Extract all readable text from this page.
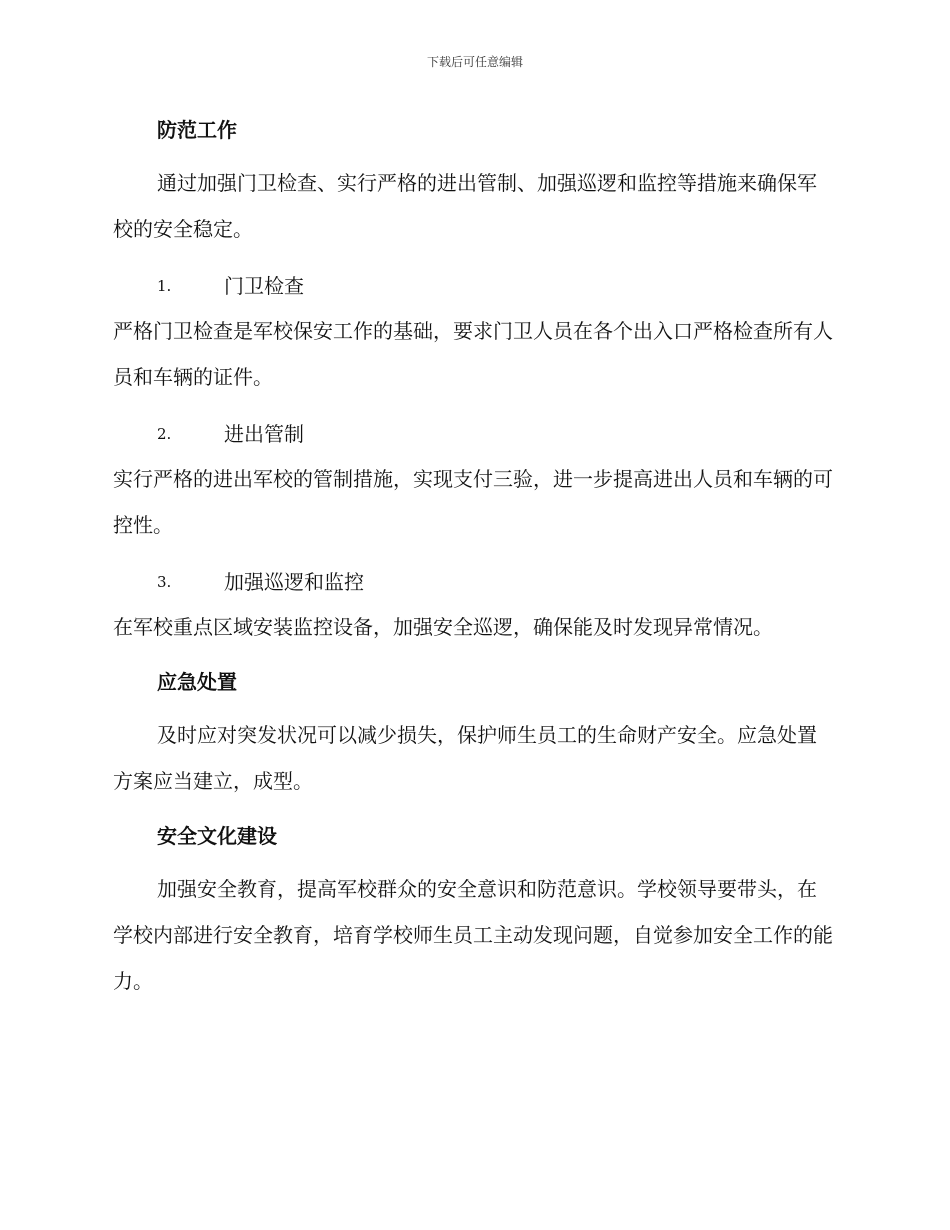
下载后可任意编辑
防范工作

通过加强门卫检查、实行严格的进出管制、加强巡逻和监控等措施来确保军校的安全稳定。

1.	门卫检查

严格门卫检查是军校保安工作的基础，要求门卫人员在各个出入口严格检查所有人员和车辆的证件。

2.	进出管制

实行严格的进出军校的管制措施，实现支付三验，进一步提高进出人员和车辆的可控性。

3.	加强巡逻和监控

在军校重点区域安装监控设备，加强安全巡逻，确保能及时发现异常情况。

应急处置

及时应对突发状况可以减少损失，保护师生员工的生命财产安全。应急处置方案应当建立，成型。

安全文化建设

加强安全教育，提高军校群众的安全意识和防范意识。学校领导要带头，在学校内部进行安全教育，培育学校师生员工主动发现问题，自觉参加安全工作的能力。
